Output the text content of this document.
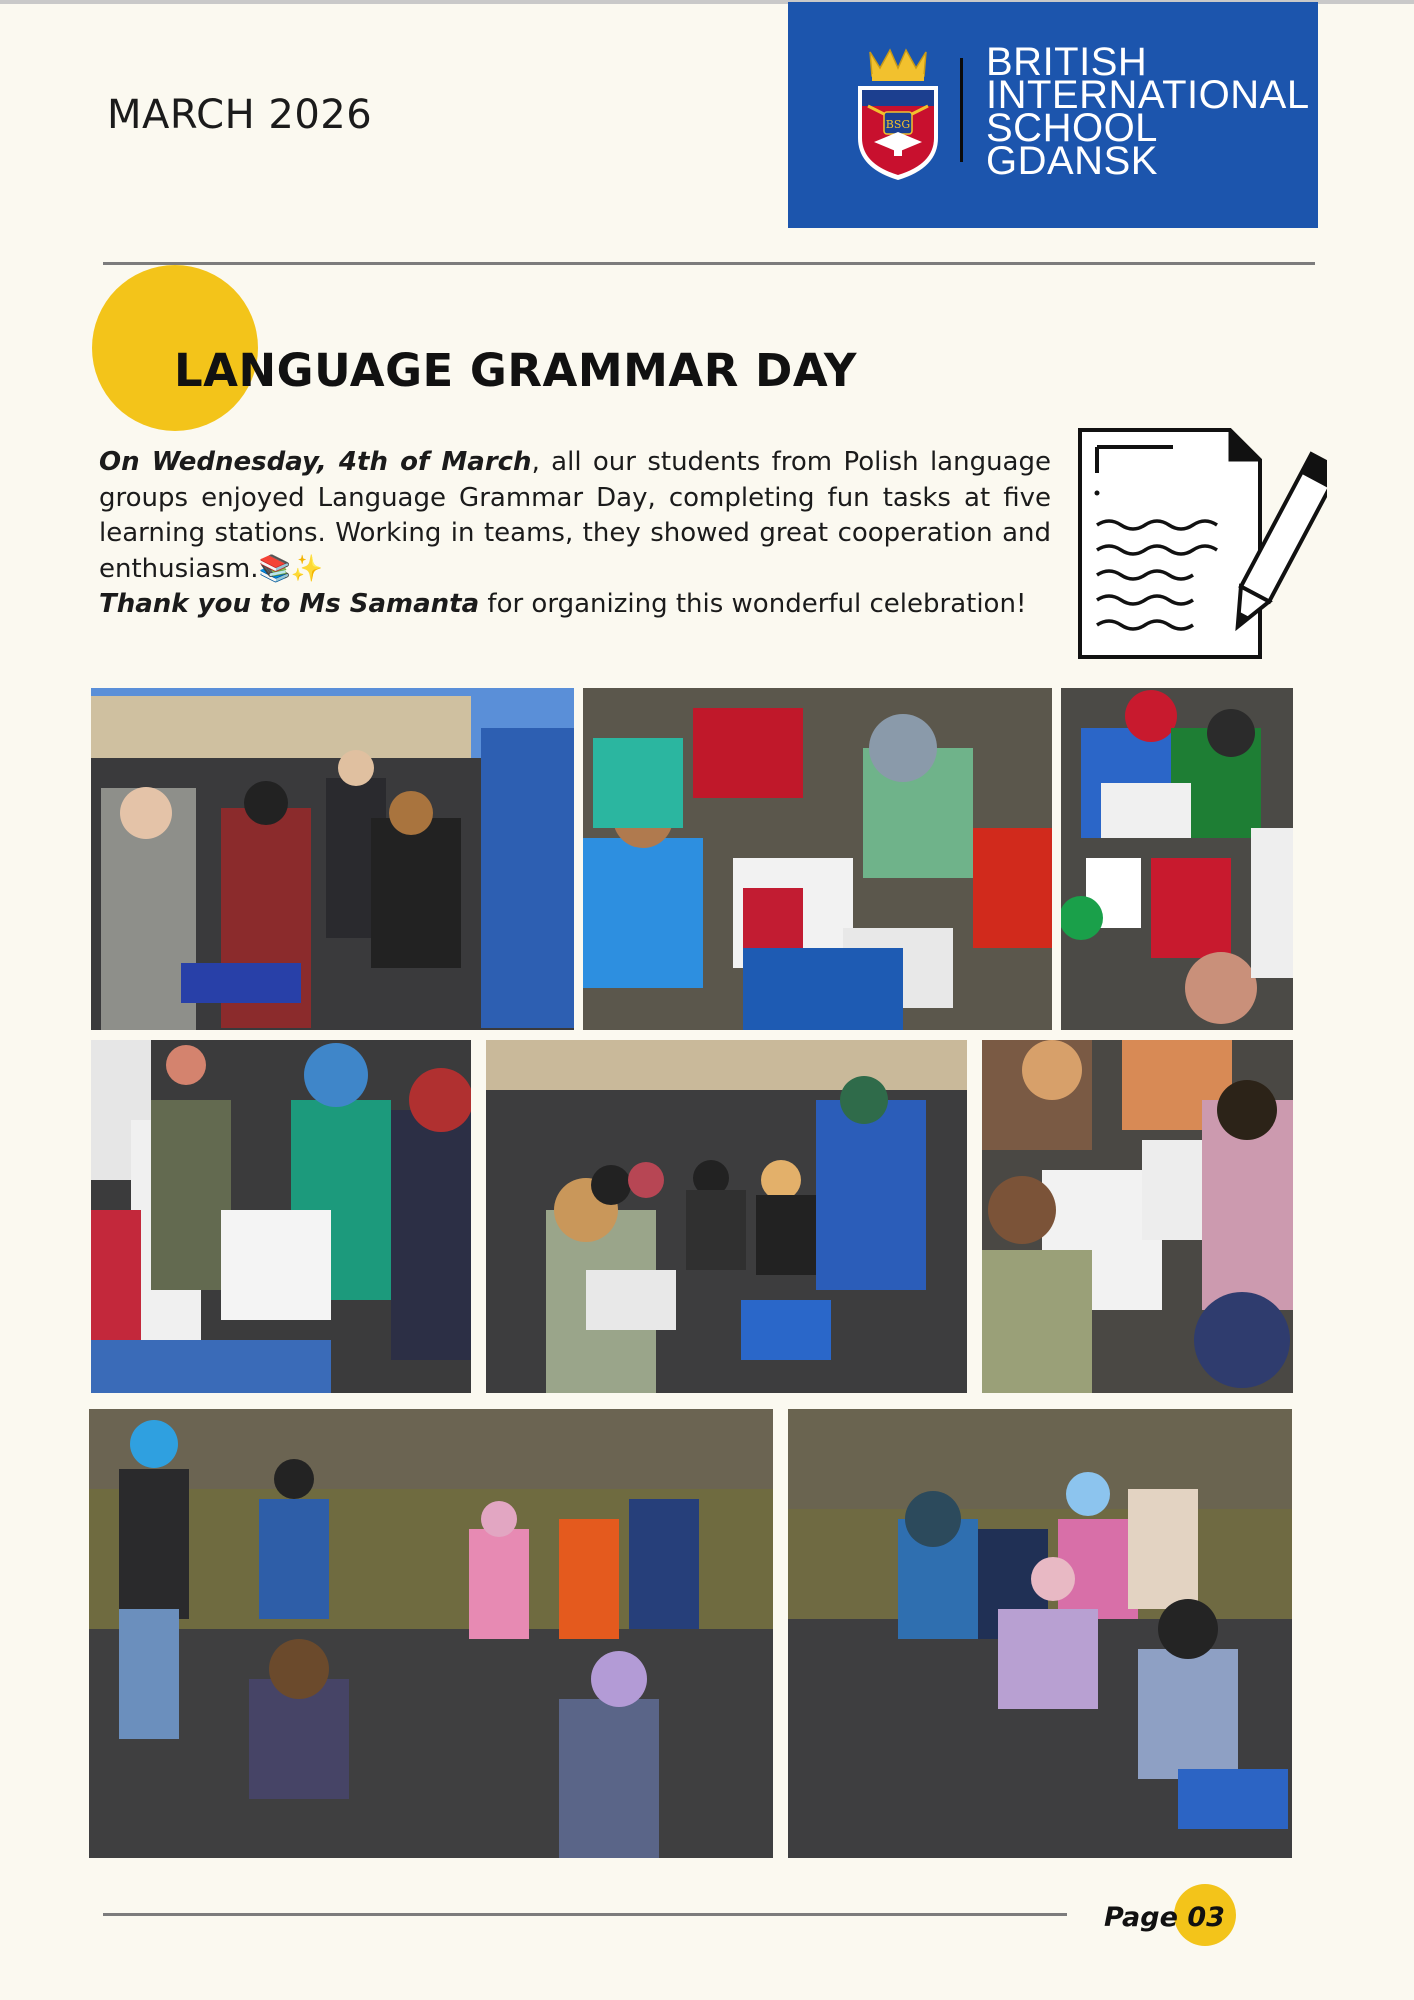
MARCH 2026	BSG
BRITISH
INTERNATIONAL
SCHOOL
GDANSK
LANGUAGE GRAMMAR DAY
On Wednesday, 4th of March, all our students from Polish language groups enjoyed Language Grammar Day, completing fun tasks at five learning stations. Working in teams, they showed great cooperation and enthusiasm.📚✨
Thank you to Ms Samanta for organizing this wonderful celebration!
Page 03
